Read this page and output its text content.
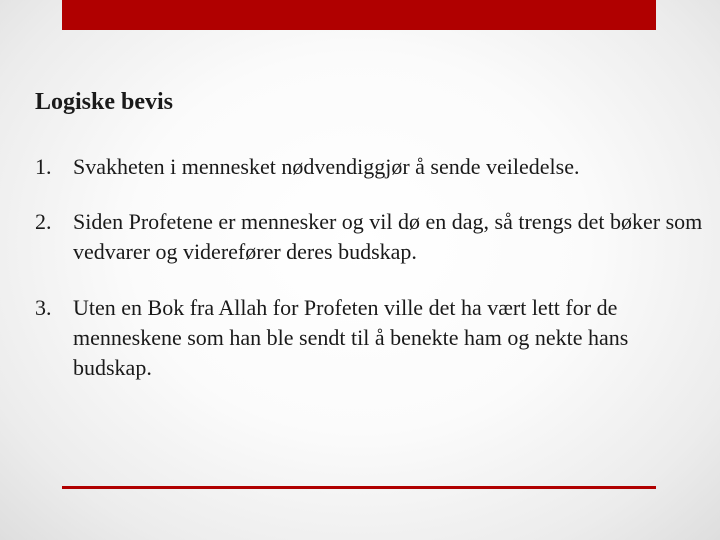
Logiske bevis
1. Svakheten i mennesket nødvendiggjør å sende veiledelse.
2. Siden Profetene er mennesker og vil dø en dag, så trengs det bøker som vedvarer og viderefører deres budskap.
3. Uten en Bok fra Allah for Profeten ville det ha vært lett for de menneskene som han ble sendt til å benekte ham og nekte hans budskap.
